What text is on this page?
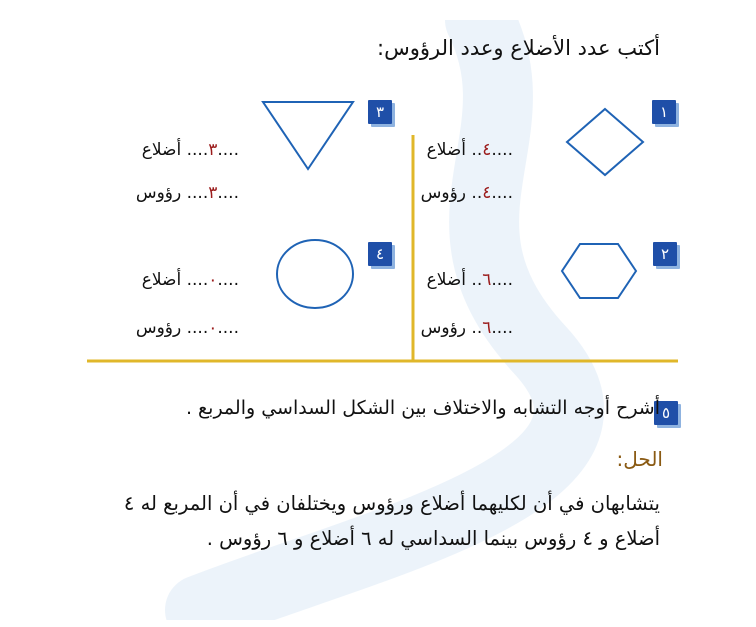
أكتب عدد الأضلاع وعدد الرؤوس:
١
....٤.. أضلاع
....٤.. رؤوس
٢
....٦.. أضلاع
....٦.. رؤوس
٣
....٣.... أضلاع
....٣.... رؤوس
٤
....٠.... أضلاع
....٠.... رؤوس
٥
أشرح أوجه التشابه والاختلاف بين الشكل السداسي والمربع .
الحل:
يتشابهان في أن لكليهما أضلاع ورؤوس ويختلفان في أن المربع له ٤ أضلاع و ٤ رؤوس بينما السداسي له ٦ أضلاع و ٦ رؤوس .
